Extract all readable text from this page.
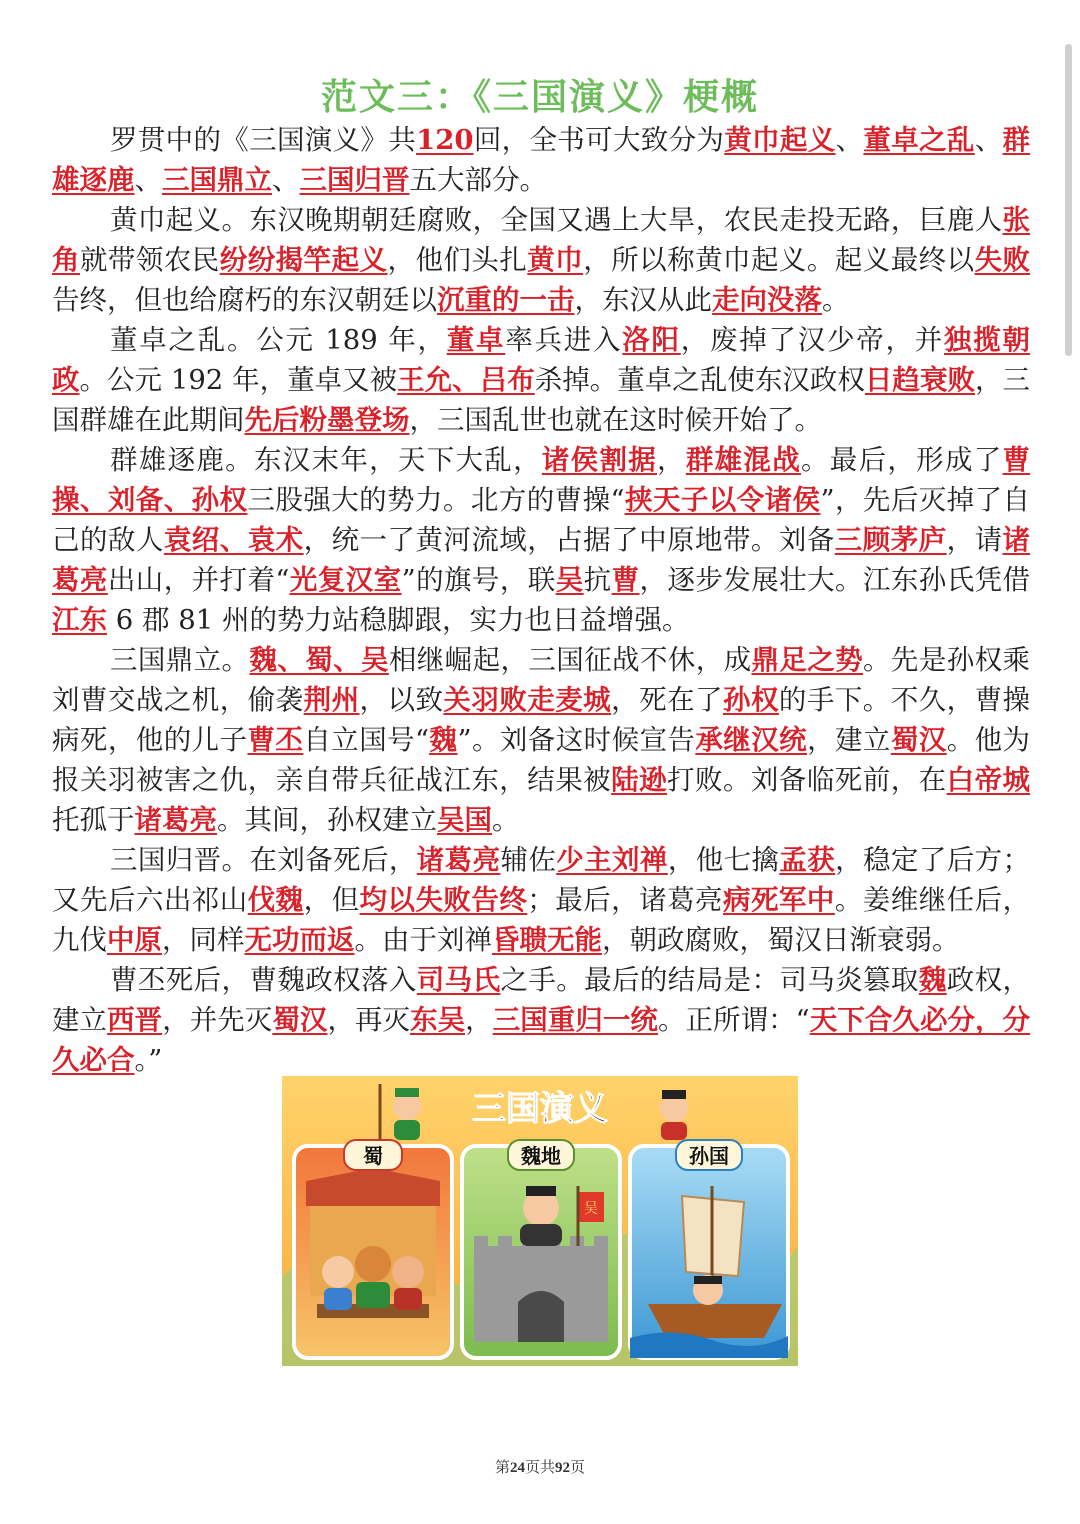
范文三：《三国演义》梗概

罗贯中的《三国演义》共120回，全书可大致分为黄巾起义、董卓之乱、群雄逐鹿、三国鼎立、三国归晋五大部分。

黄巾起义。东汉晚期朝廷腐败，全国又遇上大旱，农民走投无路，巨鹿人张角就带领农民纷纷揭竿起义，他们头扎黄巾，所以称黄巾起义。起义最终以失败告终，但也给腐朽的东汉朝廷以沉重的一击，东汉从此走向没落。

董卓之乱。公元 189 年，董卓率兵进入洛阳，废掉了汉少帝，并独揽朝政。公元 192 年，董卓又被王允、吕布杀掉。董卓之乱使东汉政权日趋衰败，三国群雄在此期间先后粉墨登场，三国乱世也就在这时候开始了。

群雄逐鹿。东汉末年，天下大乱，诸侯割据，群雄混战。最后，形成了曹操、刘备、孙权三股强大的势力。北方的曹操“挟天子以令诸侯”，先后灭掉了自己的敌人袁绍、袁术，统一了黄河流域，占据了中原地带。刘备三顾茅庐，请诸葛亮出山，并打着“光复汉室”的旗号，联吴抗曹，逐步发展壮大。江东孙氏凭借江东 6 郡 81 州的势力站稳脚跟，实力也日益增强。

三国鼎立。魏、蜀、吴相继崛起，三国征战不休，成鼎足之势。先是孙权乘刘曹交战之机，偷袭荆州，以致关羽败走麦城，死在了孙权的手下。不久，曹操病死，他的儿子曹丕自立国号“魏”。刘备这时候宣告承继汉统，建立蜀汉。他为报关羽被害之仇，亲自带兵征战江东，结果被陆逊打败。刘备临死前，在白帝城托孤于诸葛亮。其间，孙权建立吴国。

三国归晋。在刘备死后，诸葛亮辅佐少主刘禅，他七擒孟获，稳定了后方；又先后六出祁山伐魏，但均以失败告终；最后，诸葛亮病死军中。姜维继任后，九伐中原，同样无功而返。由于刘禅昏聩无能，朝政腐败，蜀汉日渐衰弱。

曹丕死后，曹魏政权落入司马氏之手。最后的结局是：司马炎篡取魏政权，建立西晋，并先灭蜀汉，再灭东吴，三国重归一统。正所谓：“天下合久必分，分久必合。”

三国演义
蜀
吴
魏地	孙国
第24页共92页
